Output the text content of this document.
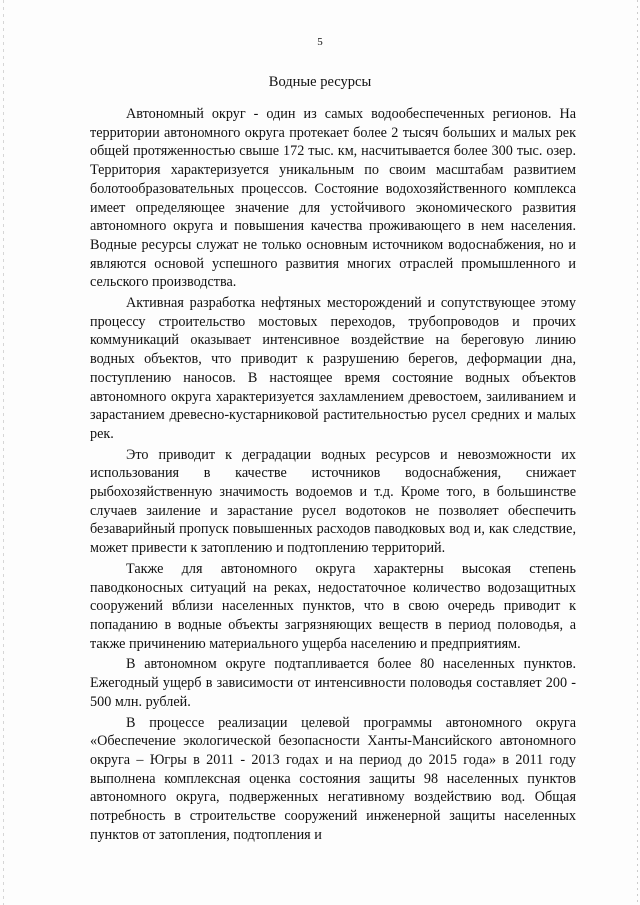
5
Водные ресурсы

Автономный округ - один из самых водообеспеченных регионов. На территории автономного округа протекает более 2 тысяч больших и малых рек общей протяженностью свыше 172 тыс. км, насчитывается более 300 тыс. озер. Территория характеризуется уникальным по своим масштабам развитием болотообразовательных процессов. Состояние водохозяйственного комплекса имеет определяющее значение для устойчивого экономического развития автономного округа и повышения качества проживающего в нем населения. Водные ресурсы служат не только основным источником водоснабжения, но и являются основой успешного развития многих отраслей промышленного и сельского производства.

Активная разработка нефтяных месторождений и сопутствующее этому процессу строительство мостовых переходов, трубопроводов и прочих коммуникаций оказывает интенсивное воздействие на береговую линию водных объектов, что приводит к разрушению берегов, деформации дна, поступлению наносов. В настоящее время состояние водных объектов автономного округа характеризуется захламлением древостоем, заиливанием и зарастанием древесно-кустарниковой растительностью русел средних и малых рек.

Это приводит к деградации водных ресурсов и невозможности их использования в качестве источников водоснабжения, снижает рыбохозяйственную значимость водоемов и т.д. Кроме того, в большинстве случаев заиление и зарастание русел водотоков не позволяет обеспечить безаварийный пропуск повышенных расходов паводковых вод и, как следствие, может привести к затоплению и подтоплению территорий.

Также для автономного округа характерны высокая степень паводконосных ситуаций на реках, недостаточное количество водозащитных сооружений вблизи населенных пунктов, что в свою очередь приводит к попаданию в водные объекты загрязняющих веществ в период половодья, а также причинению материального ущерба населению и предприятиям.

В автономном округе подтапливается более 80 населенных пунктов. Ежегодный ущерб в зависимости от интенсивности половодья составляет 200 - 500 млн. рублей.

В процессе реализации целевой программы автономного округа «Обеспечение экологической безопасности Ханты-Мансийского автономного округа – Югры в 2011 - 2013 годах и на период до 2015 года» в 2011 году выполнена комплексная оценка состояния защиты 98 населенных пунктов автономного округа, подверженных негативному воздействию вод. Общая потребность в строительстве сооружений инженерной защиты населенных пунктов от затопления, подтопления и
